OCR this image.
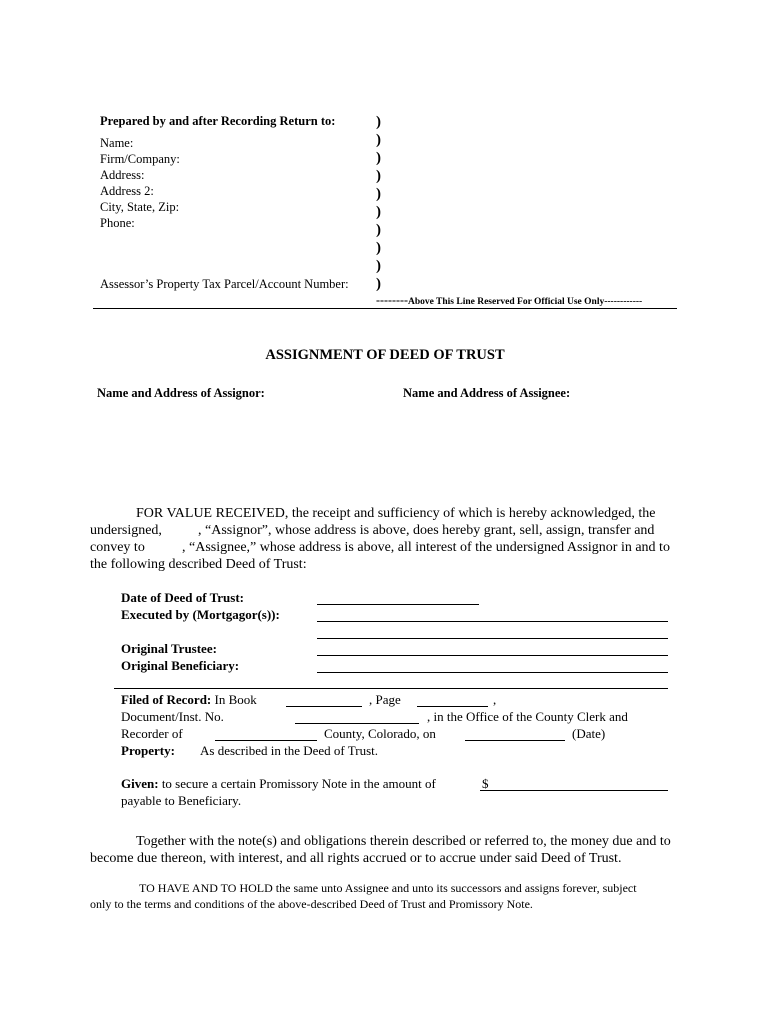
Prepared by and after Recording Return to:
Name:
Firm/Company:
Address:
Address 2:
City, State, Zip:
Phone:
Assessor’s Property Tax Parcel/Account Number:
)
)
)
)
)
)
)
)
)
)
--------Above This Line Reserved For Official Use Only------------
ASSIGNMENT OF DEED OF TRUST
Name and Address of Assignor:	Name and Address of Assignee:
FOR VALUE RECEIVED, the receipt and sufficiency of which is hereby acknowledged, the
undersigned,	, “Assignor”, whose address is above, does hereby grant, sell, assign, transfer and
convey to	, “Assignee,” whose address is above, all interest of the undersigned Assignor in and to
the following described Deed of Trust:
Date of Deed of Trust:
Executed by (Mortgagor(s)):
Original Trustee:
Original Beneficiary:
Filed of Record: In Book	, Page	,
Document/Inst. No.	, in the Office of the County Clerk and
Recorder of	County, Colorado, on	(Date)
Property: As described in the Deed of Trust.
Given: to secure a certain Promissory Note in the amount of	$
payable to Beneficiary.
Together with the note(s) and obligations therein described or referred to, the money due and to
become due thereon, with interest, and all rights accrued or to accrue under said Deed of Trust.
TO HAVE AND TO HOLD the same unto Assignee and unto its successors and assigns forever, subject
only to the terms and conditions of the above-described Deed of Trust and Promissory Note.
